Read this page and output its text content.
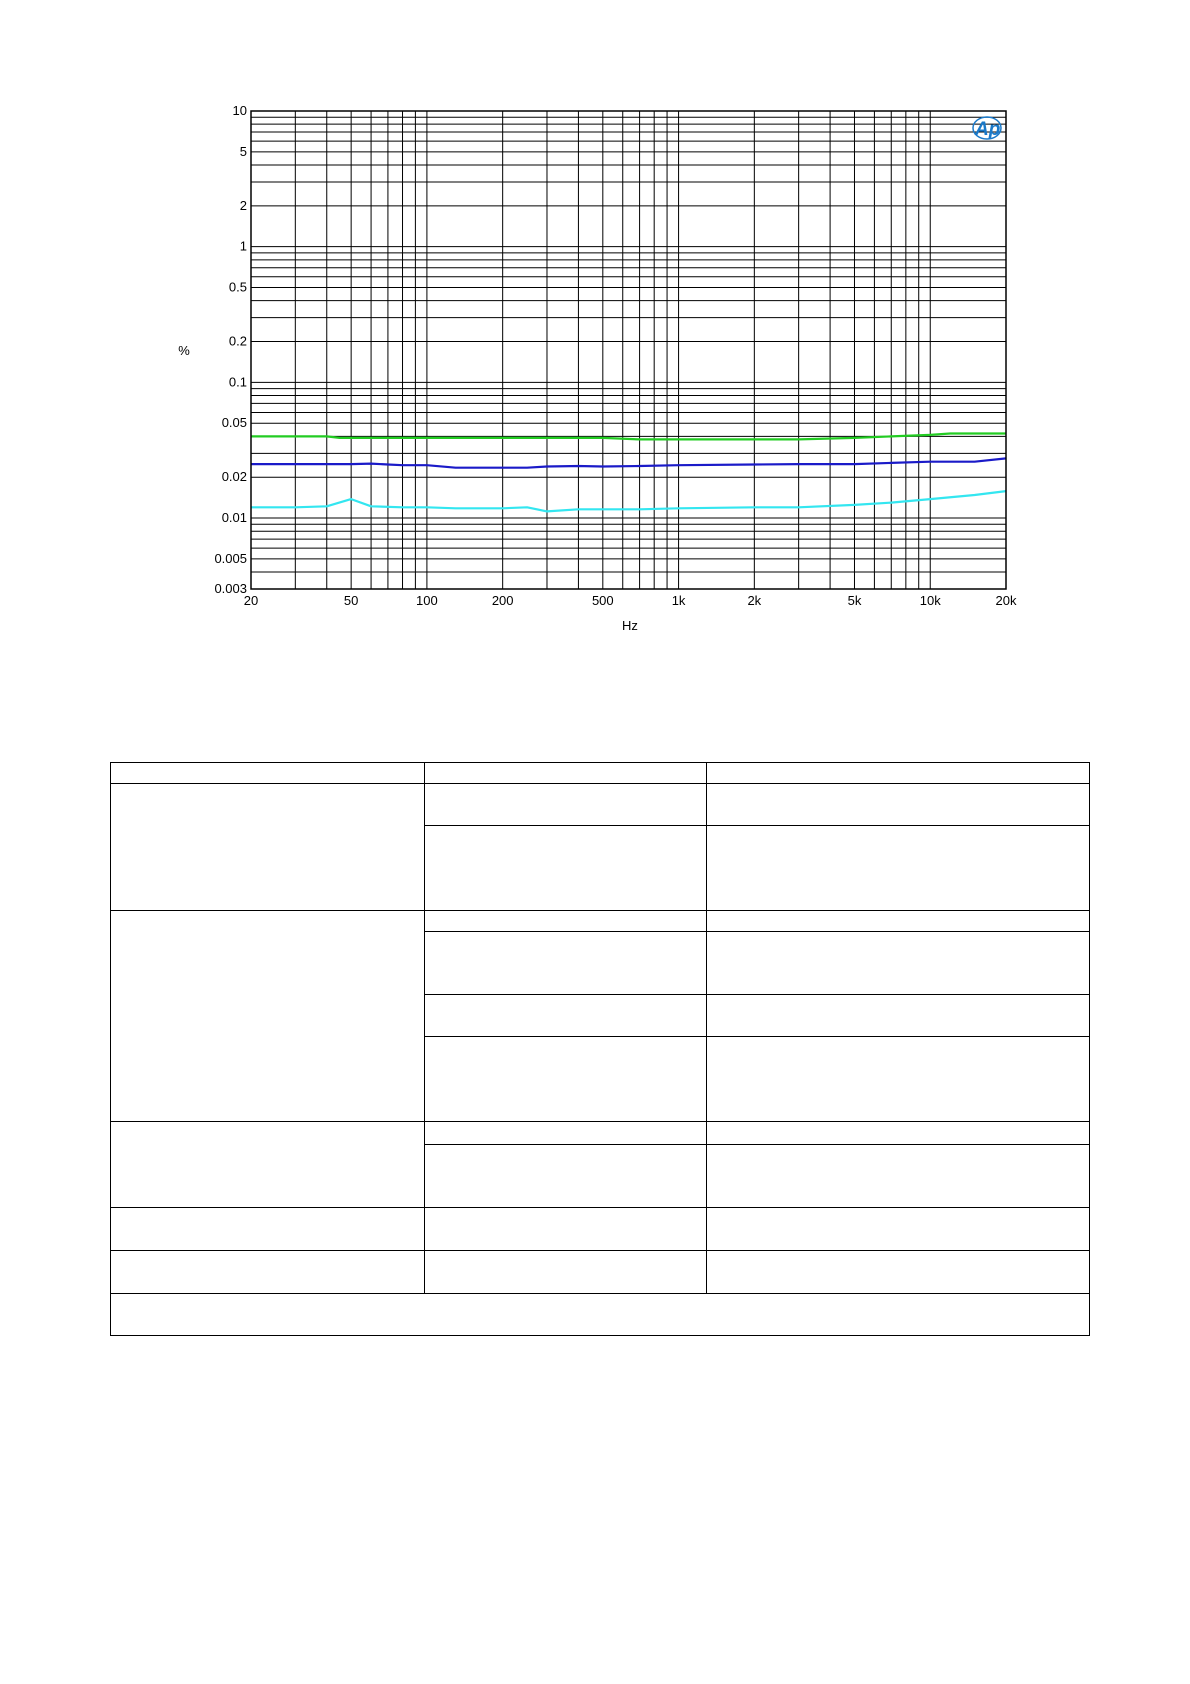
10
5
2
1
0.5
0.2
0.1
0.05
0.02
0.01
0.005
0.003
20	50	100	200	500	1k	2k	5k	10k	20k
%
Hz
Ap
